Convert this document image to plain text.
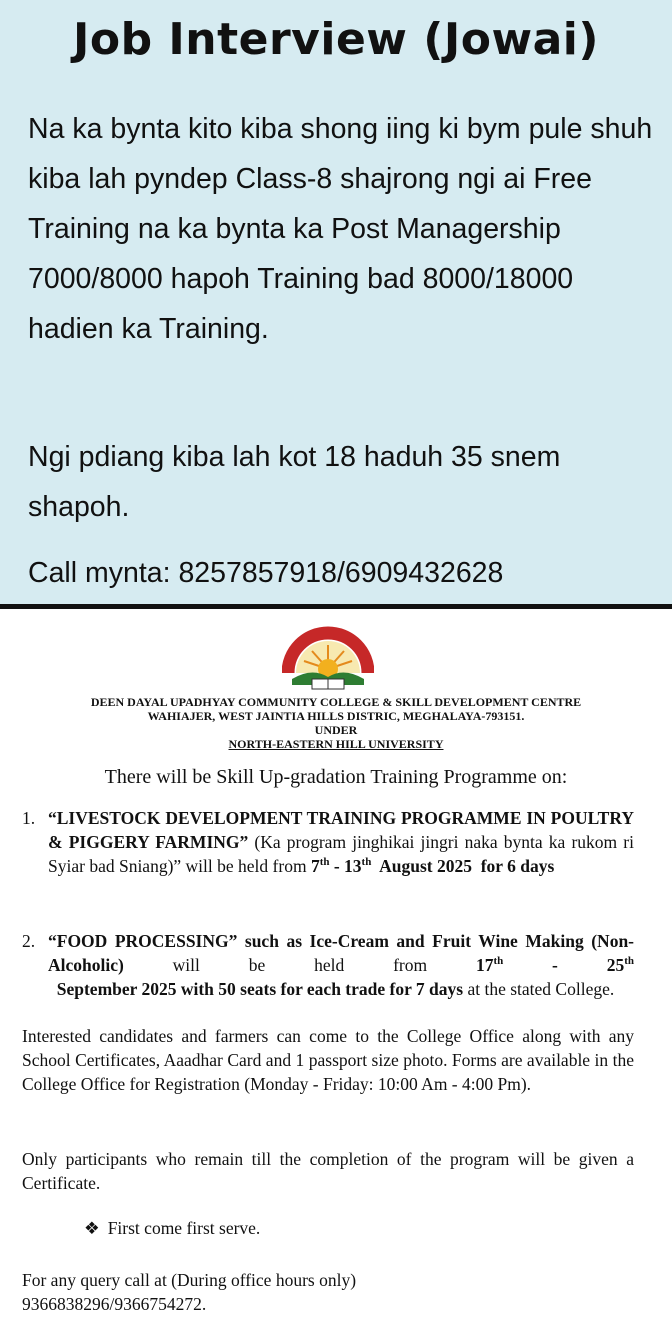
Job Interview (Jowai)

Na ka bynta kito kiba shong iing ki bym pule shuh kiba lah pyndep Class-8 shajrong ngi ai Free Training na ka bynta ka Post Managership 7000/8000 hapoh Training bad 8000/18000 hadien ka Training.

Ngi pdiang kiba lah kot 18 haduh 35 snem shapoh.

Call mynta: 8257857918/6909432628

DEEN DAYAL UPADHYAY COMMUNITY COLLEGE & SKILL DEVELOPMENT CENTRE
WAHIAJER, WEST JAINTIA HILLS DISTRIC, MEGHALAYA-793151.
UNDER
NORTH-EASTERN HILL UNIVERSITY
There will be Skill Up-gradation Training Programme on:
1. “LIVESTOCK DEVELOPMENT TRAINING PROGRAMME IN POULTRY & PIGGERY FARMING” (Ka program jinghikai jingri naka bynta ka rukom ri Syiar bad Sniang)” will be held from 7th - 13th  August 2025  for 6 days
2. “FOOD PROCESSING” such as Ice-Cream and Fruit Wine Making (Non-Alcoholic) will be held from 17th - 25th  September 2025 with 50 seats for each trade for 7 days at the stated College.
Interested candidates and farmers can come to the College Office along with any School Certificates, Aaadhar Card and 1 passport size photo. Forms are available in the College Office for Registration (Monday - Friday: 10:00 Am - 4:00 Pm).
Only participants who remain till the completion of the program will be given a Certificate.
❖ First come first serve.
For any query call at (During office hours only)
9366838296/9366754272.
